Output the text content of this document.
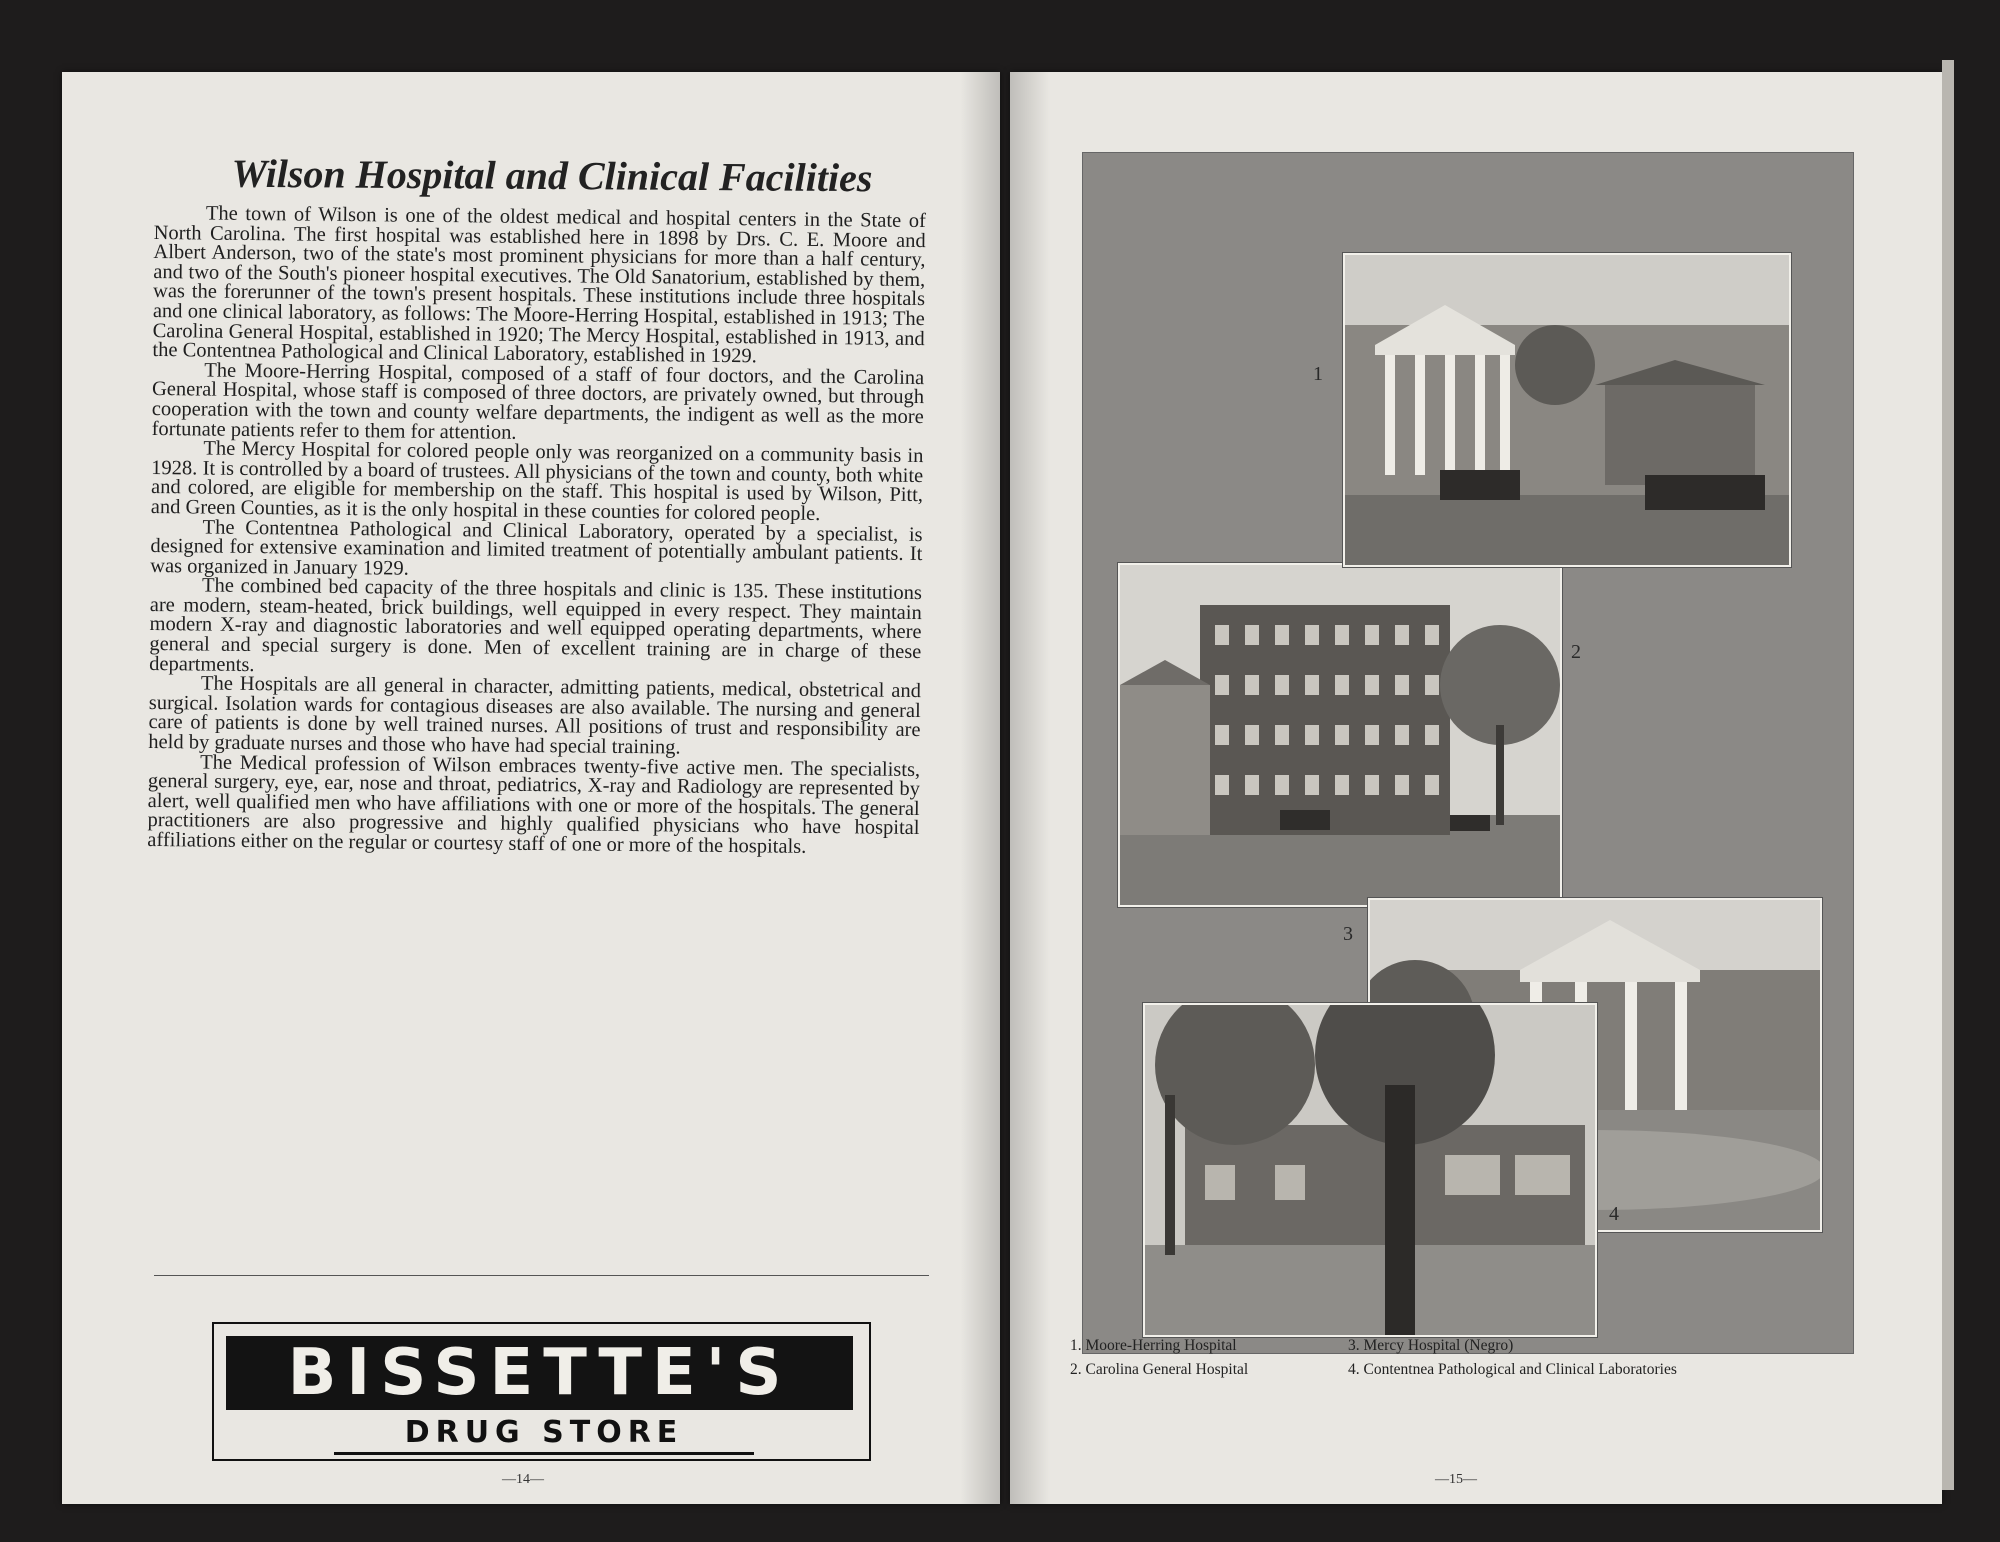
Wilson Hospital and Clinical Facilities

The town of Wilson is one of the oldest medical and hospital centers in the State of North Carolina. The first hospital was established here in 1898 by Drs. C. E. Moore and Albert Anderson, two of the state's most prominent physicians for more than a half century, and two of the South's pioneer hospital executives. The Old Sanatorium, established by them, was the forerunner of the town's present hospitals. These institutions include three hospitals and one clinical laboratory, as follows: The Moore-Herring Hospital, established in 1913; The Carolina General Hospital, established in 1920; The Mercy Hospital, established in 1913, and the Contentnea Pathological and Clinical Laboratory, established in 1929.

The Moore-Herring Hospital, composed of a staff of four doctors, and the Carolina General Hospital, whose staff is composed of three doctors, are privately owned, but through cooperation with the town and county welfare departments, the indigent as well as the more fortunate patients refer to them for attention.

The Mercy Hospital for colored people only was reorganized on a community basis in 1928. It is controlled by a board of trustees. All physicians of the town and county, both white and colored, are eligible for membership on the staff. This hospital is used by Wilson, Pitt, and Green Counties, as it is the only hospital in these counties for colored people.

The Contentnea Pathological and Clinical Laboratory, operated by a specialist, is designed for extensive examination and limited treatment of potentially ambulant patients. It was organized in January 1929.

The combined bed capacity of the three hospitals and clinic is 135. These institutions are modern, steam-heated, brick buildings, well equipped in every respect. They maintain modern X-ray and diagnostic laboratories and well equipped operating departments, where general and special surgery is done. Men of excellent training are in charge of these departments.

The Hospitals are all general in character, admitting patients, medical, obstetrical and surgical. Isolation wards for contagious diseases are also available. The nursing and general care of patients is done by well trained nurses. All positions of trust and responsibility are held by graduate nurses and those who have had special training.

The Medical profession of Wilson embraces twenty-five active men. The specialists, general surgery, eye, ear, nose and throat, pediatrics, X-ray and Radiology are represented by alert, well qualified men who have affiliations with one or more of the hospitals. The general practitioners are also progressive and highly qualified physicians who have hospital affiliations either on the regular or courtesy staff of one or more of the hospitals.

BISSETTE'S
DRUG STORE
—14—
1
2
3
4
1. Moore-Herring Hospital	3. Mercy Hospital (Negro)
2. Carolina General Hospital	4. Contentnea Pathological and Clinical Laboratories
—15—
